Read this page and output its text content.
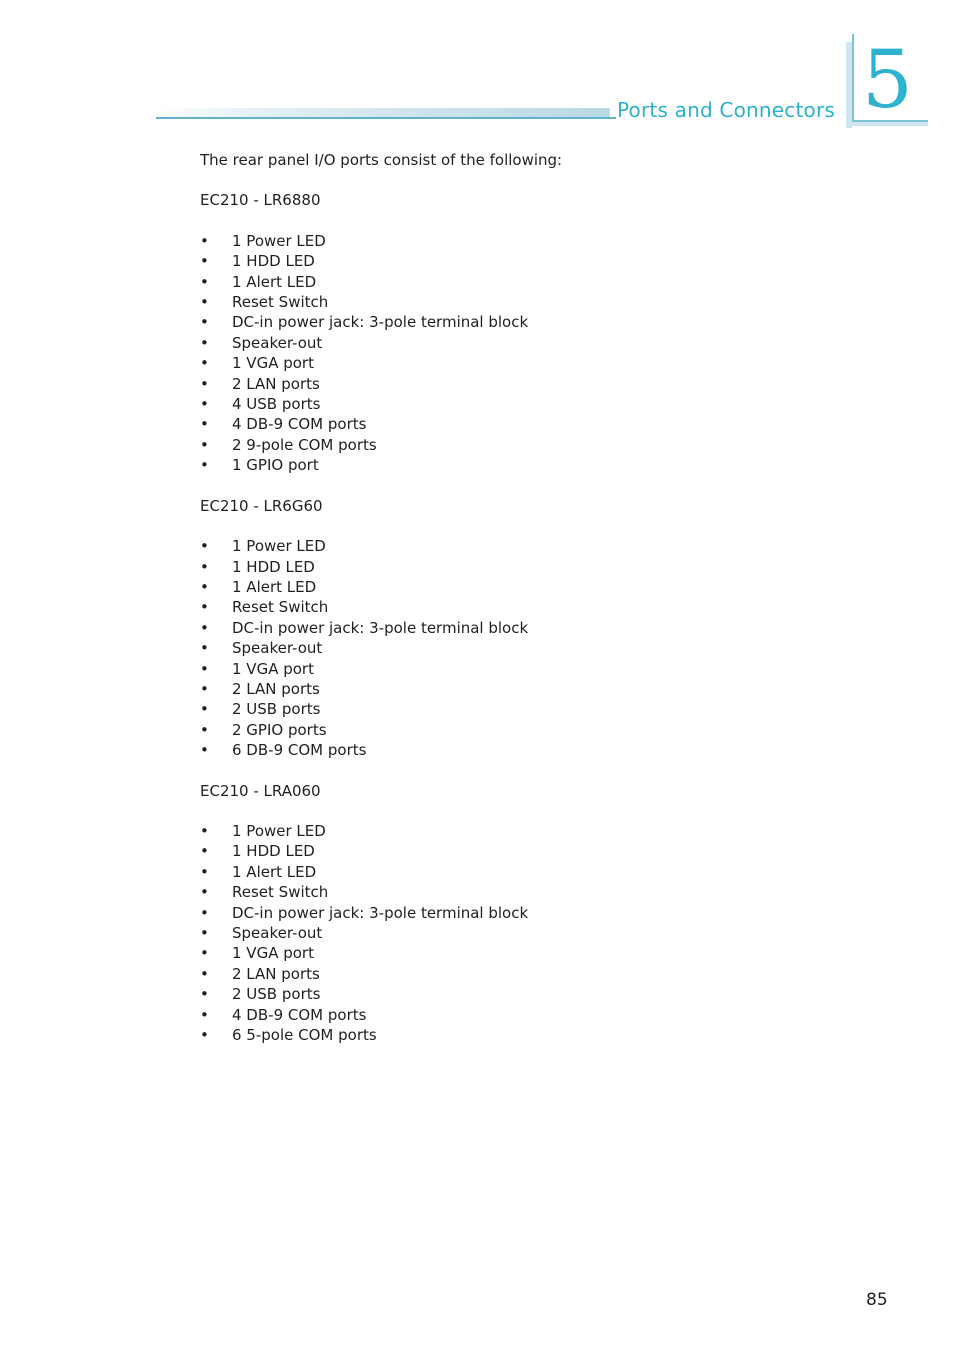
Ports and Connectors 5

The rear panel I/O ports consist of the following:

EC210 - LR6880

• 1 Power LED
• 1 HDD LED
• 1 Alert LED
• Reset Switch
• DC-in power jack: 3-pole terminal block
• Speaker-out
• 1 VGA port
• 2 LAN ports
• 4 USB ports
• 4 DB-9 COM ports
• 2 9-pole COM ports
• 1 GPIO port

EC210 - LR6G60

• 1 Power LED
• 1 HDD LED
• 1 Alert LED
• Reset Switch
• DC-in power jack: 3-pole terminal block
• Speaker-out
• 1 VGA port
• 2 LAN ports
• 2 USB ports
• 2 GPIO ports
• 6 DB-9 COM ports

EC210 - LRA060

• 1 Power LED
• 1 HDD LED
• 1 Alert LED
• Reset Switch
• DC-in power jack: 3-pole terminal block
• Speaker-out
• 1 VGA port
• 2 LAN ports
• 2 USB ports
• 4 DB-9 COM ports
• 6 5-pole COM ports
85
